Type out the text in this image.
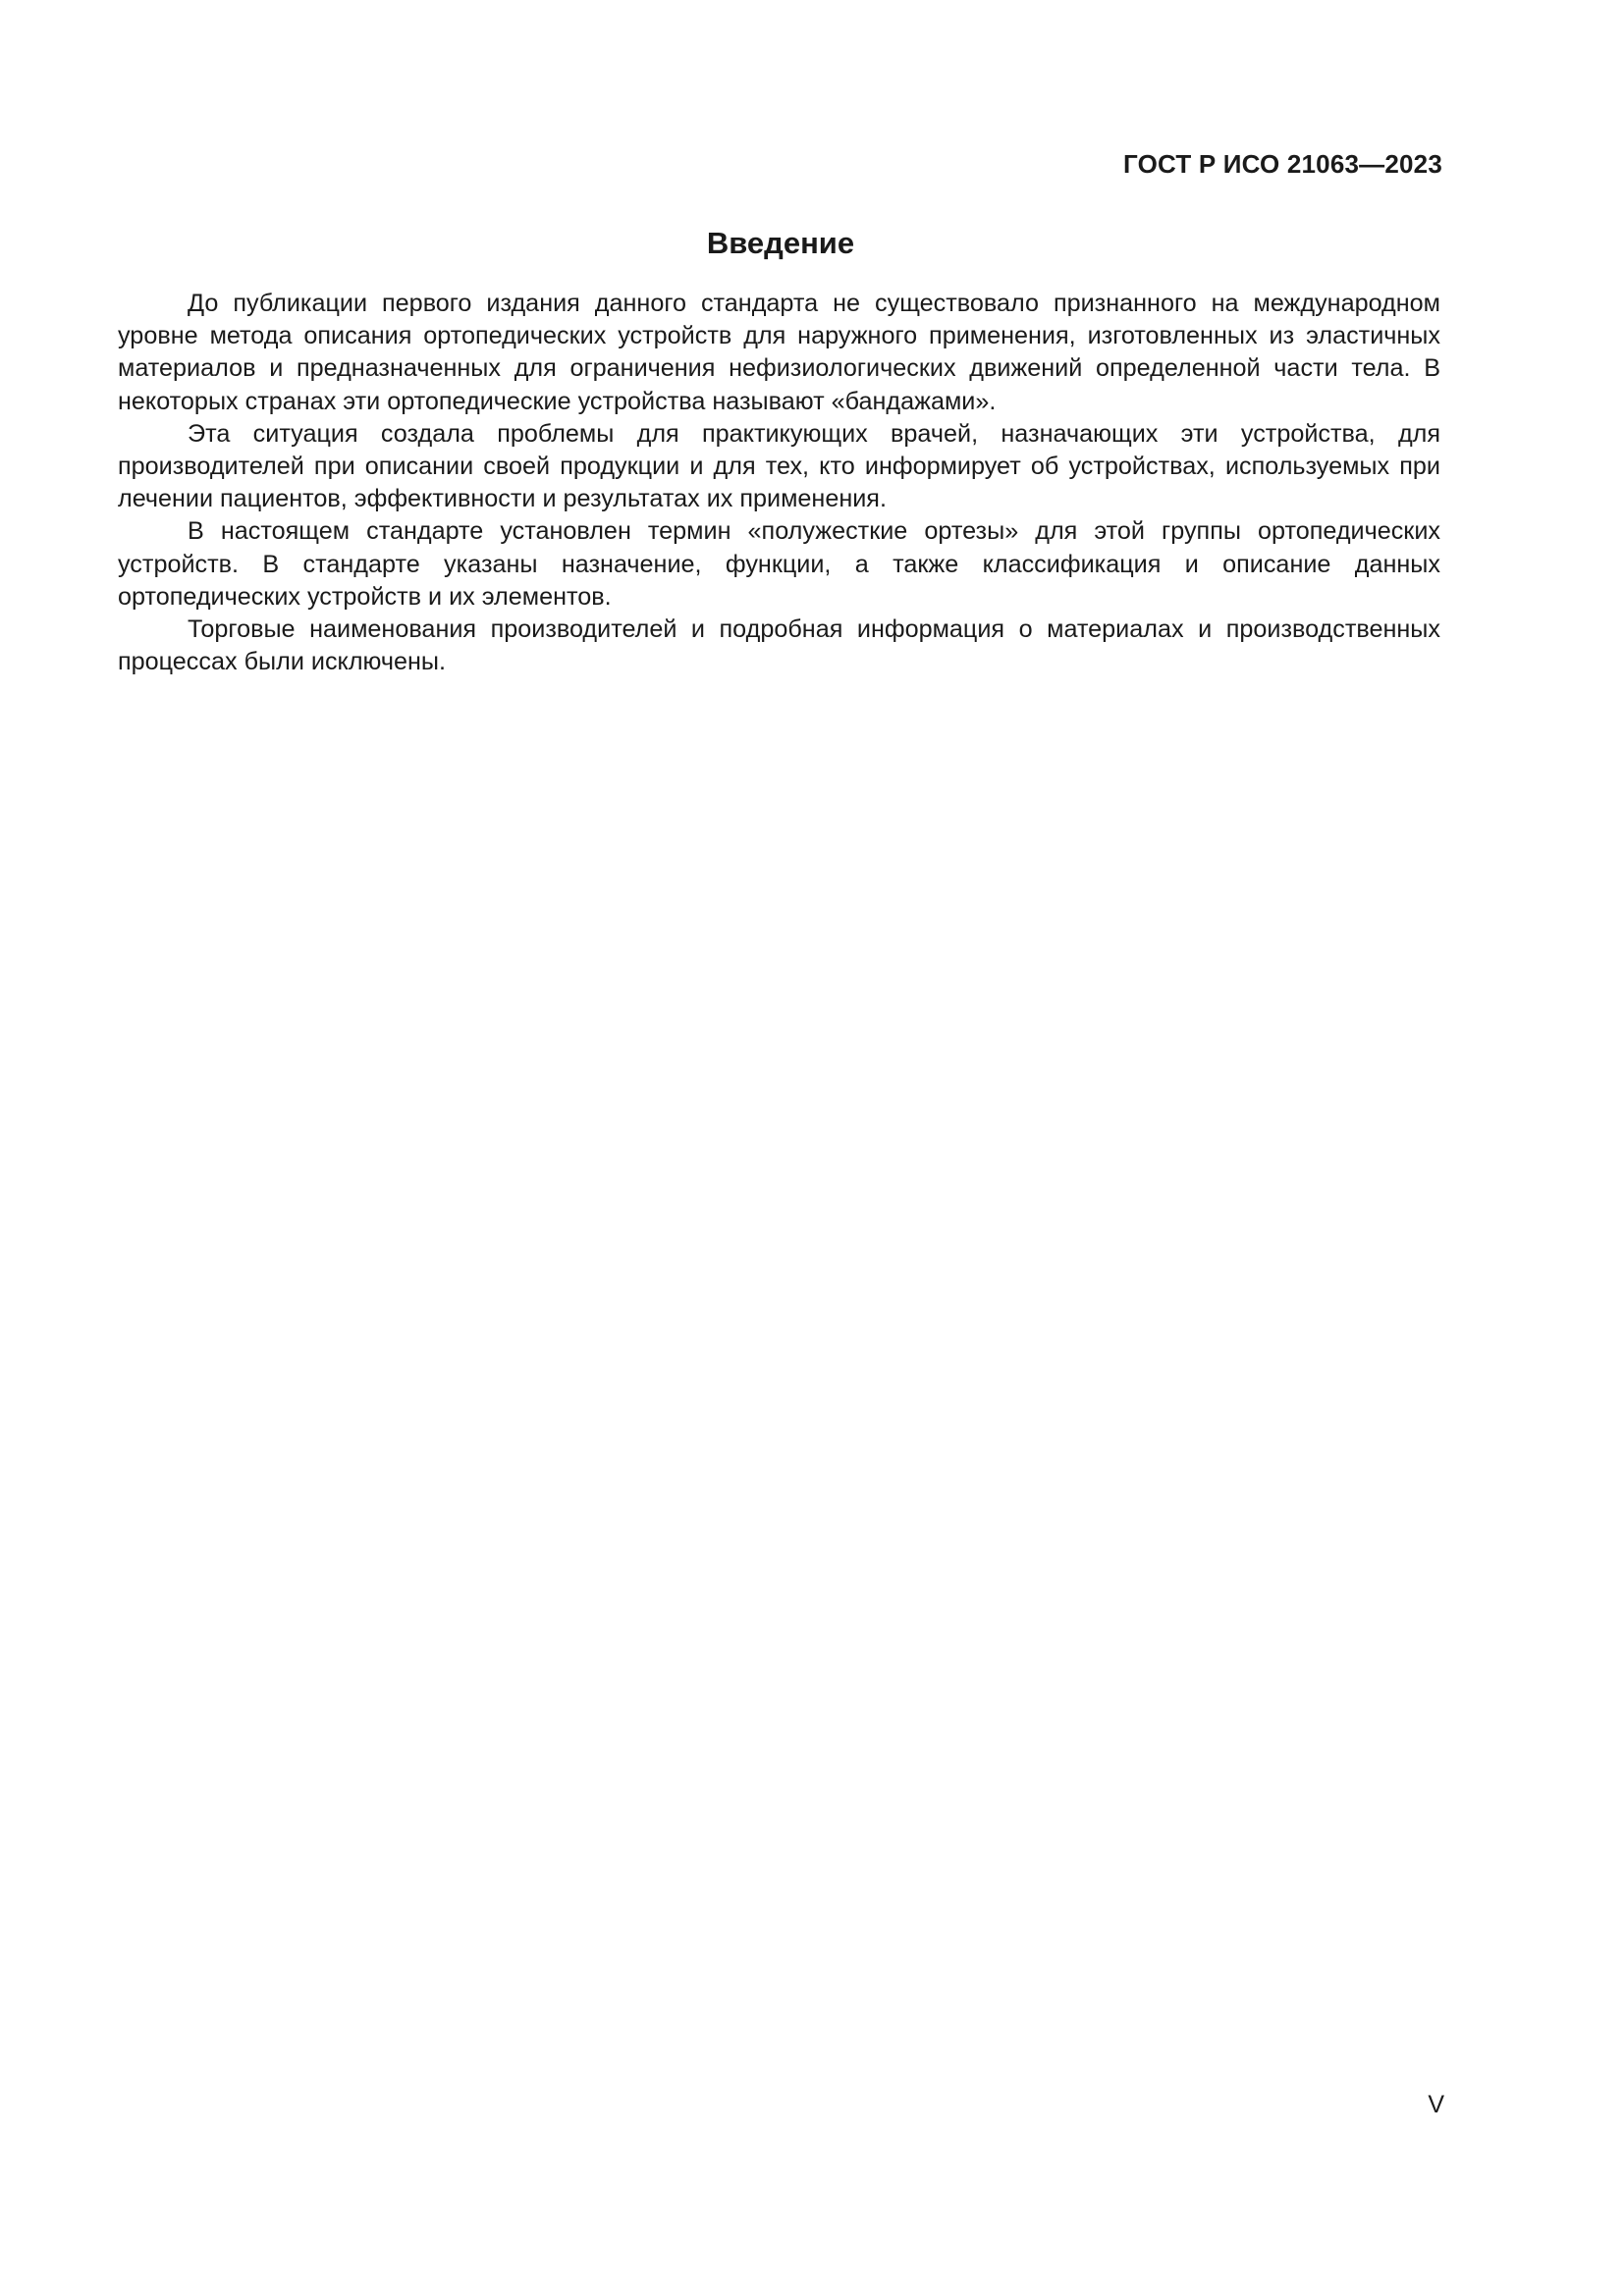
ГОСТ Р ИСО 21063—2023
Введение

До публикации первого издания данного стандарта не существовало признанного на международном уровне метода описания ортопедических устройств для наружного применения, изготовленных из эластичных материалов и предназначенных для ограничения нефизиологических движений определенной части тела. В некоторых странах эти ортопедические устройства называют «бандажами».

Эта ситуация создала проблемы для практикующих врачей, назначающих эти устройства, для производителей при описании своей продукции и для тех, кто информирует об устройствах, используемых при лечении пациентов, эффективности и результатах их применения.

В настоящем стандарте установлен термин «полужесткие ортезы» для этой группы ортопедических устройств. В стандарте указаны назначение, функции, а также классификация и описание данных ортопедических устройств и их элементов.

Торговые наименования производителей и подробная информация о материалах и производственных процессах были исключены.

V
